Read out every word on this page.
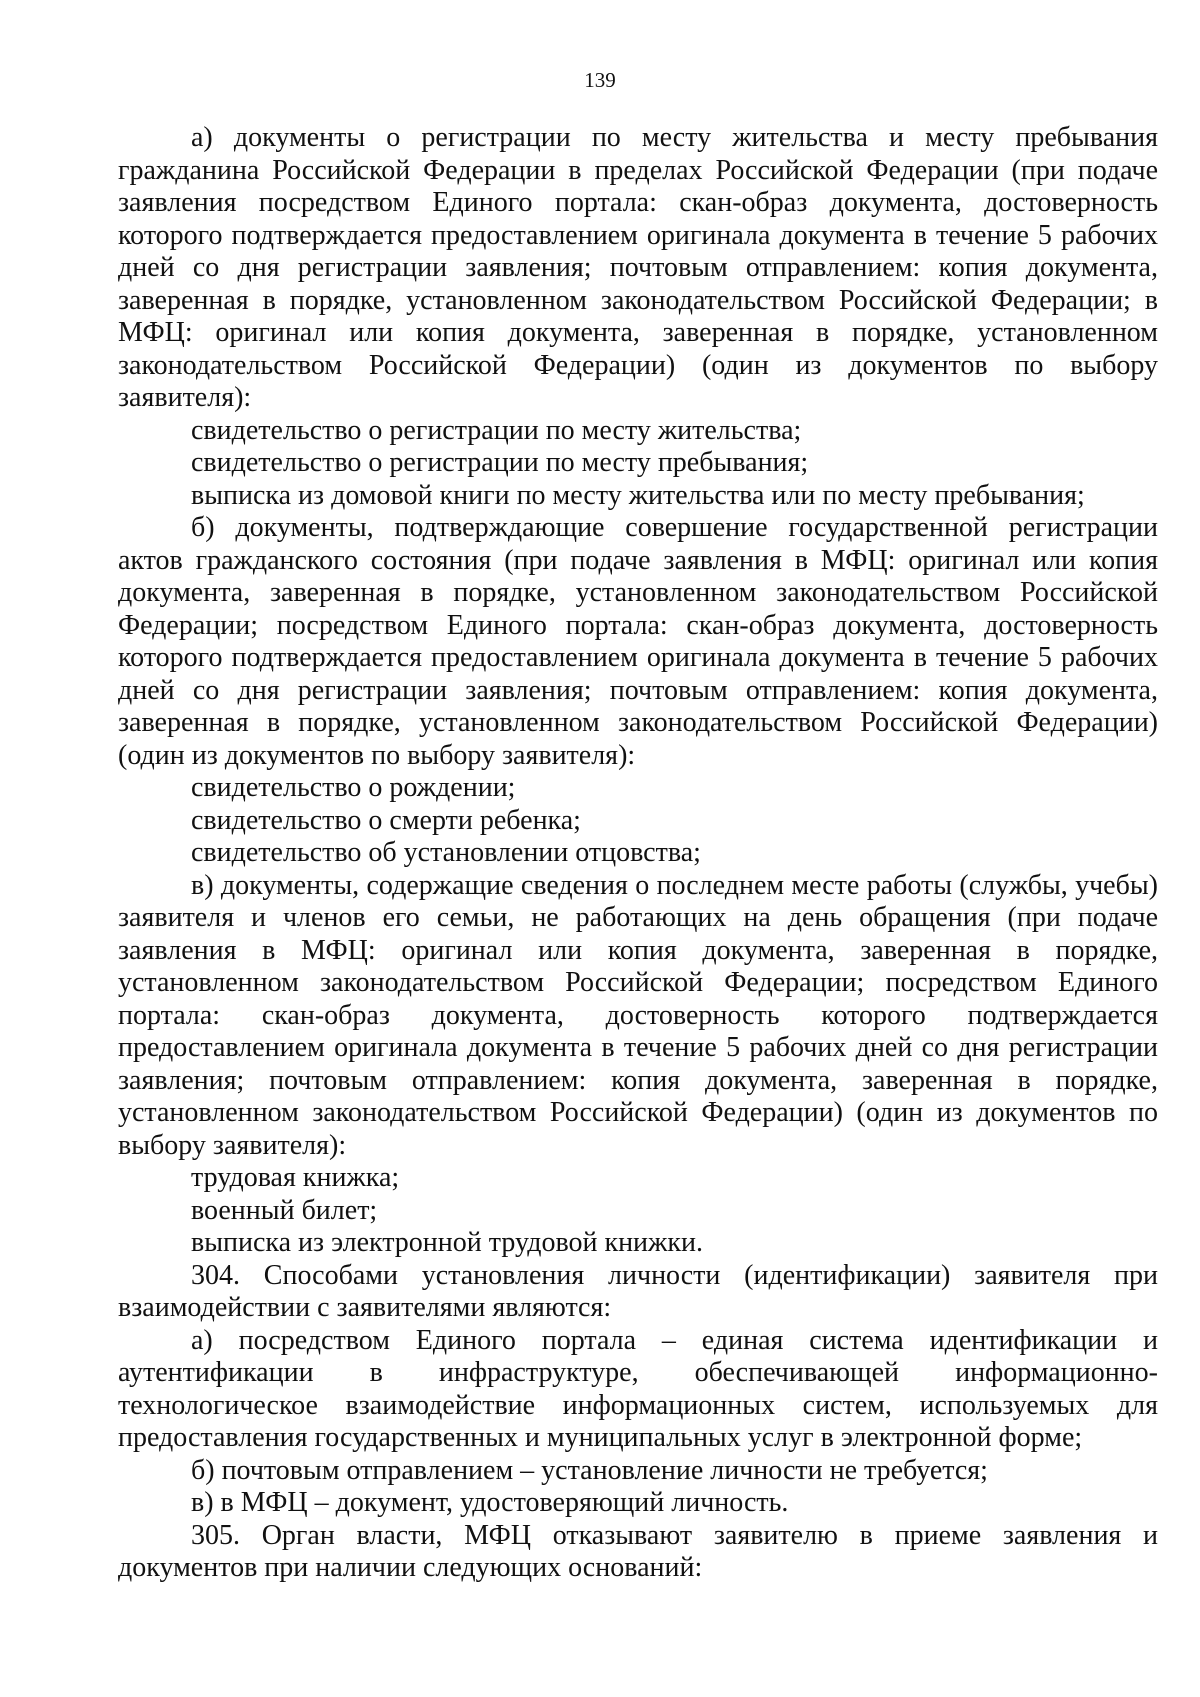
139

а) документы о регистрации по месту жительства и месту пребывания гражданина Российской Федерации в пределах Российской Федерации (при подаче заявления посредством Единого портала: скан-образ документа, достоверность которого подтверждается предоставлением оригинала документа в течение 5 рабочих дней со дня регистрации заявления; почтовым отправлением: копия документа, заверенная в порядке, установленном законодательством Российской Федерации; в МФЦ: оригинал или копия документа, заверенная в порядке, установленном законодательством Российской Федерации) (один из документов по выбору заявителя):

свидетельство о регистрации по месту жительства;

свидетельство о регистрации по месту пребывания;

выписка из домовой книги по месту жительства или по месту пребывания;

б) документы, подтверждающие совершение государственной регистрации актов гражданского состояния (при подаче заявления в МФЦ: оригинал или копия документа, заверенная в порядке, установленном законодательством Российской Федерации; посредством Единого портала: скан-образ документа, достоверность которого подтверждается предоставлением оригинала документа в течение 5 рабочих дней со дня регистрации заявления; почтовым отправлением: копия документа, заверенная в порядке, установленном законодательством Российской Федерации) (один из документов по выбору заявителя):

свидетельство о рождении;

свидетельство о смерти ребенка;

свидетельство об установлении отцовства;

в) документы, содержащие сведения о последнем месте работы (службы, учебы) заявителя и членов его семьи, не работающих на день обращения (при подаче заявления в МФЦ: оригинал или копия документа, заверенная в порядке, установленном законодательством Российской Федерации; посредством Единого портала: скан-образ документа, достоверность которого подтверждается предоставлением оригинала документа в течение 5 рабочих дней со дня регистрации заявления; почтовым отправлением: копия документа, заверенная в порядке, установленном законодательством Российской Федерации) (один из документов по выбору заявителя):

трудовая книжка;

военный билет;

выписка из электронной трудовой книжки.

304. Способами установления личности (идентификации) заявителя при взаимодействии с заявителями являются:

а) посредством Единого портала – единая система идентификации и аутентификации в инфраструктуре, обеспечивающей информационно-технологическое взаимодействие информационных систем, используемых для предоставления государственных и муниципальных услуг в электронной форме;

б) почтовым отправлением – установление личности не требуется;

в) в МФЦ – документ, удостоверяющий личность.

305. Орган власти, МФЦ отказывают заявителю в приеме заявления и документов при наличии следующих оснований:
